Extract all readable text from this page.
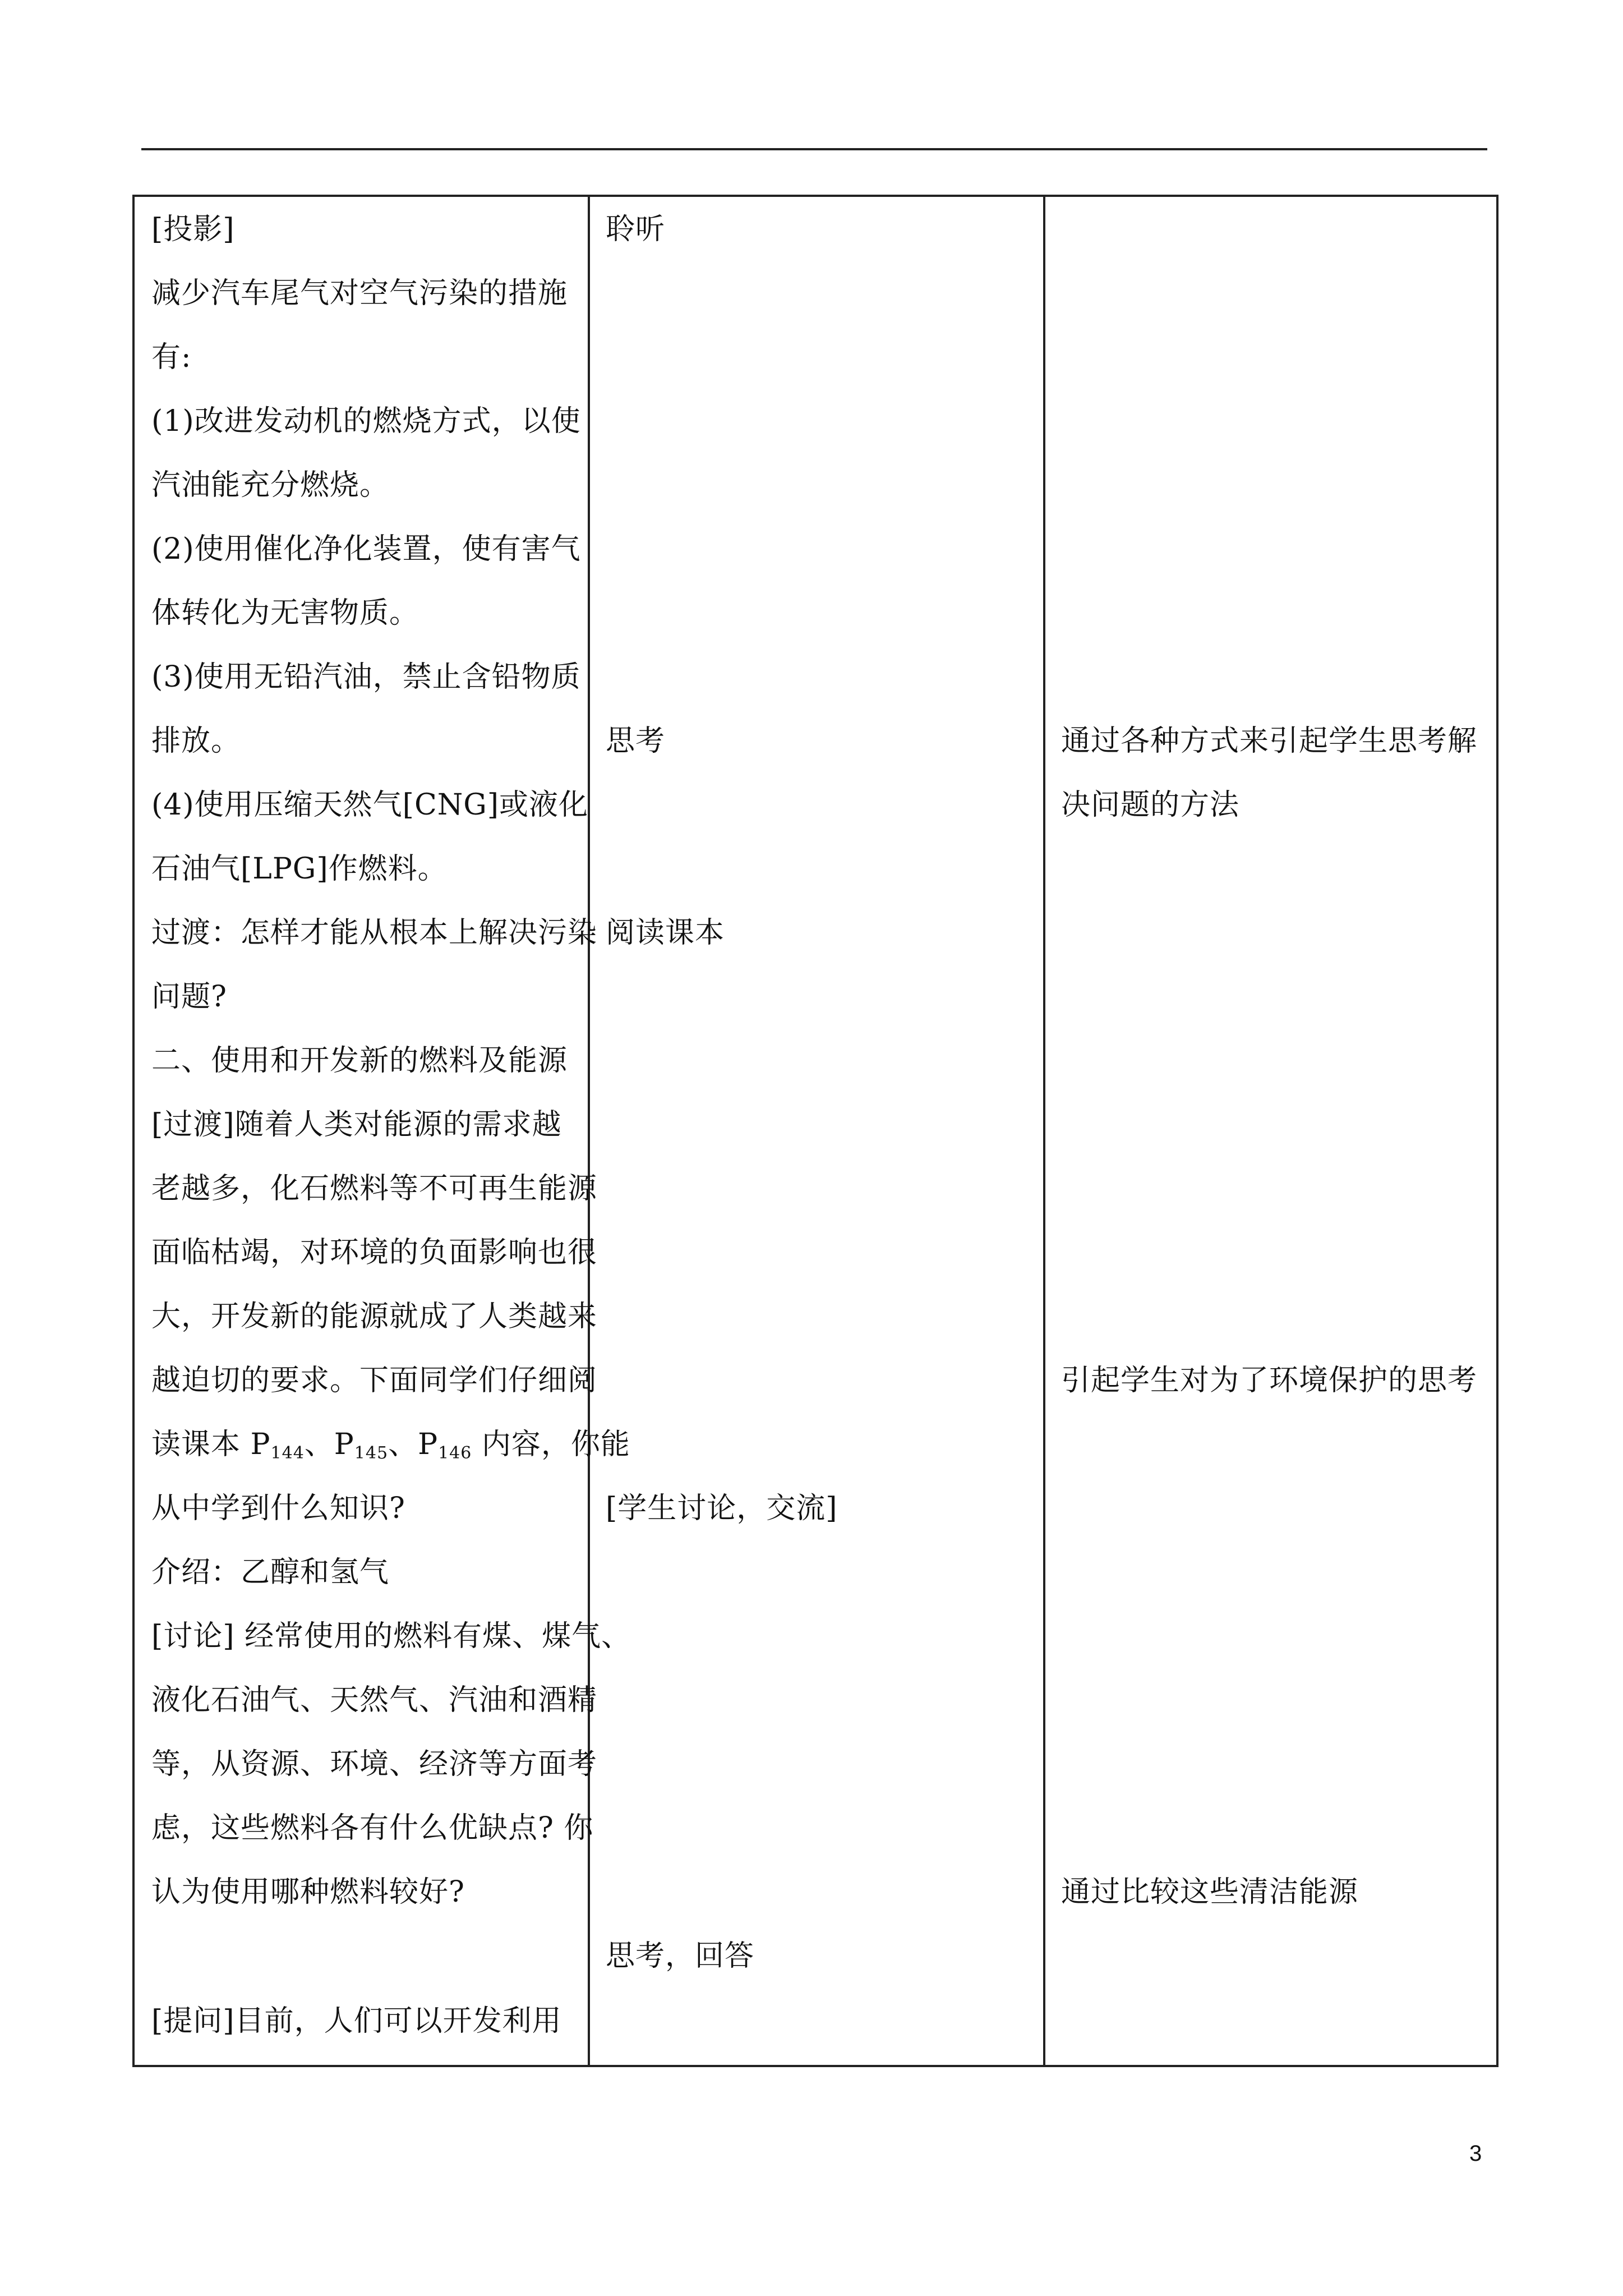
[投影]
减少汽车尾气对空气污染的措施
有:
(1)改进发动机的燃烧方式，以使
汽油能充分燃烧。
(2)使用催化净化装置，使有害气
体转化为无害物质。
(3)使用无铅汽油，禁止含铅物质
排放。
(4)使用压缩天然气[CNG]或液化
石油气[LPG]作燃料。
过渡：怎样才能从根本上解决污染
问题?
二、使用和开发新的燃料及能源
[过渡]随着人类对能源的需求越
老越多，化石燃料等不可再生能源
面临枯竭，对环境的负面影响也很
大，开发新的能源就成了人类越来
越迫切的要求。下面同学们仔细阅
读课本 $P_{144}$、$P_{145}$、$P_{146}$ 内容，你能
从中学到什么知识?
介绍：乙醇和氢气
[讨论] 经常使用的燃料有煤、煤气、
液化石油气、天然气、汽油和酒精
等，从资源、环境、经济等方面考
虑，这些燃料各有什么优缺点? 你
认为使用哪种燃料较好?
[提问]目前，人们可以开发利用
聆听
思考
阅读课本
[学生讨论，交流]
思考，回答
通过各种方式来引起学生思考解
决问题的方法
引起学生对为了环境保护的思考
通过比较这些清洁能源
3
